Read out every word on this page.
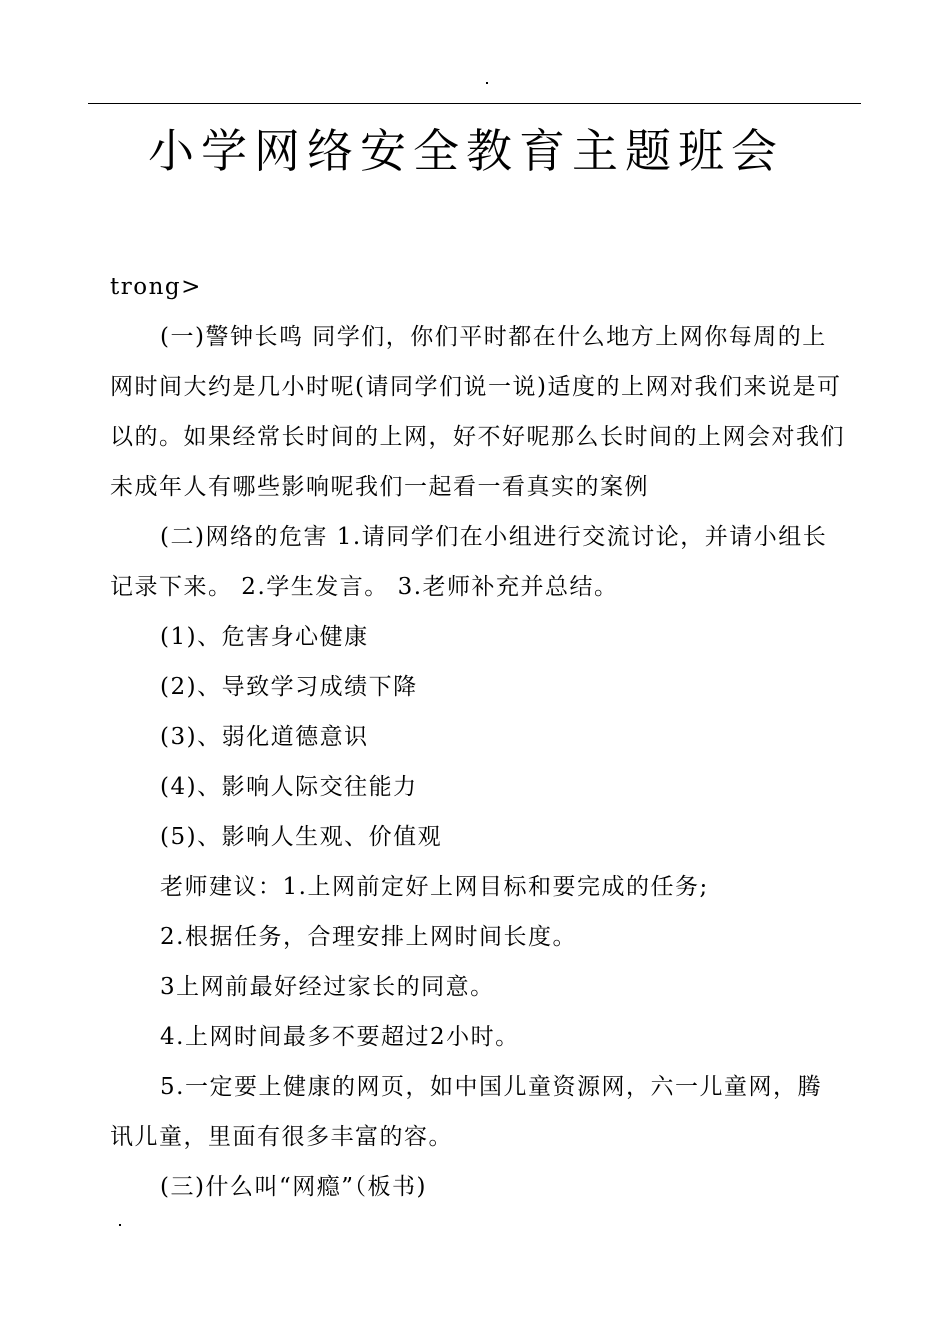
小学网络安全教育主题班会

trong>

(一)警钟长鸣 同学们，你们平时都在什么地方上网你每周的上网时间大约是几小时呢(请同学们说一说)适度的上网对我们来说是可以的。如果经常长时间的上网，好不好呢那么长时间的上网会对我们未成年人有哪些影响呢我们一起看一看真实的案例

(二)网络的危害 1.请同学们在小组进行交流讨论，并请小组长记录下来。 2.学生发言。 3.老师补充并总结。

(1)、危害身心健康

(2)、导致学习成绩下降

(3)、弱化道德意识

(4)、影响人际交往能力

(5)、影响人生观、价值观

老师建议：1.上网前定好上网目标和要完成的任务;

2.根据任务，合理安排上网时间长度。

3上网前最好经过家长的同意。

4.上网时间最多不要超过2小时。

5.一定要上健康的网页，如中国儿童资源网，六一儿童网，腾讯儿童，里面有很多丰富的容。

(三)什么叫“网瘾”（板书)
